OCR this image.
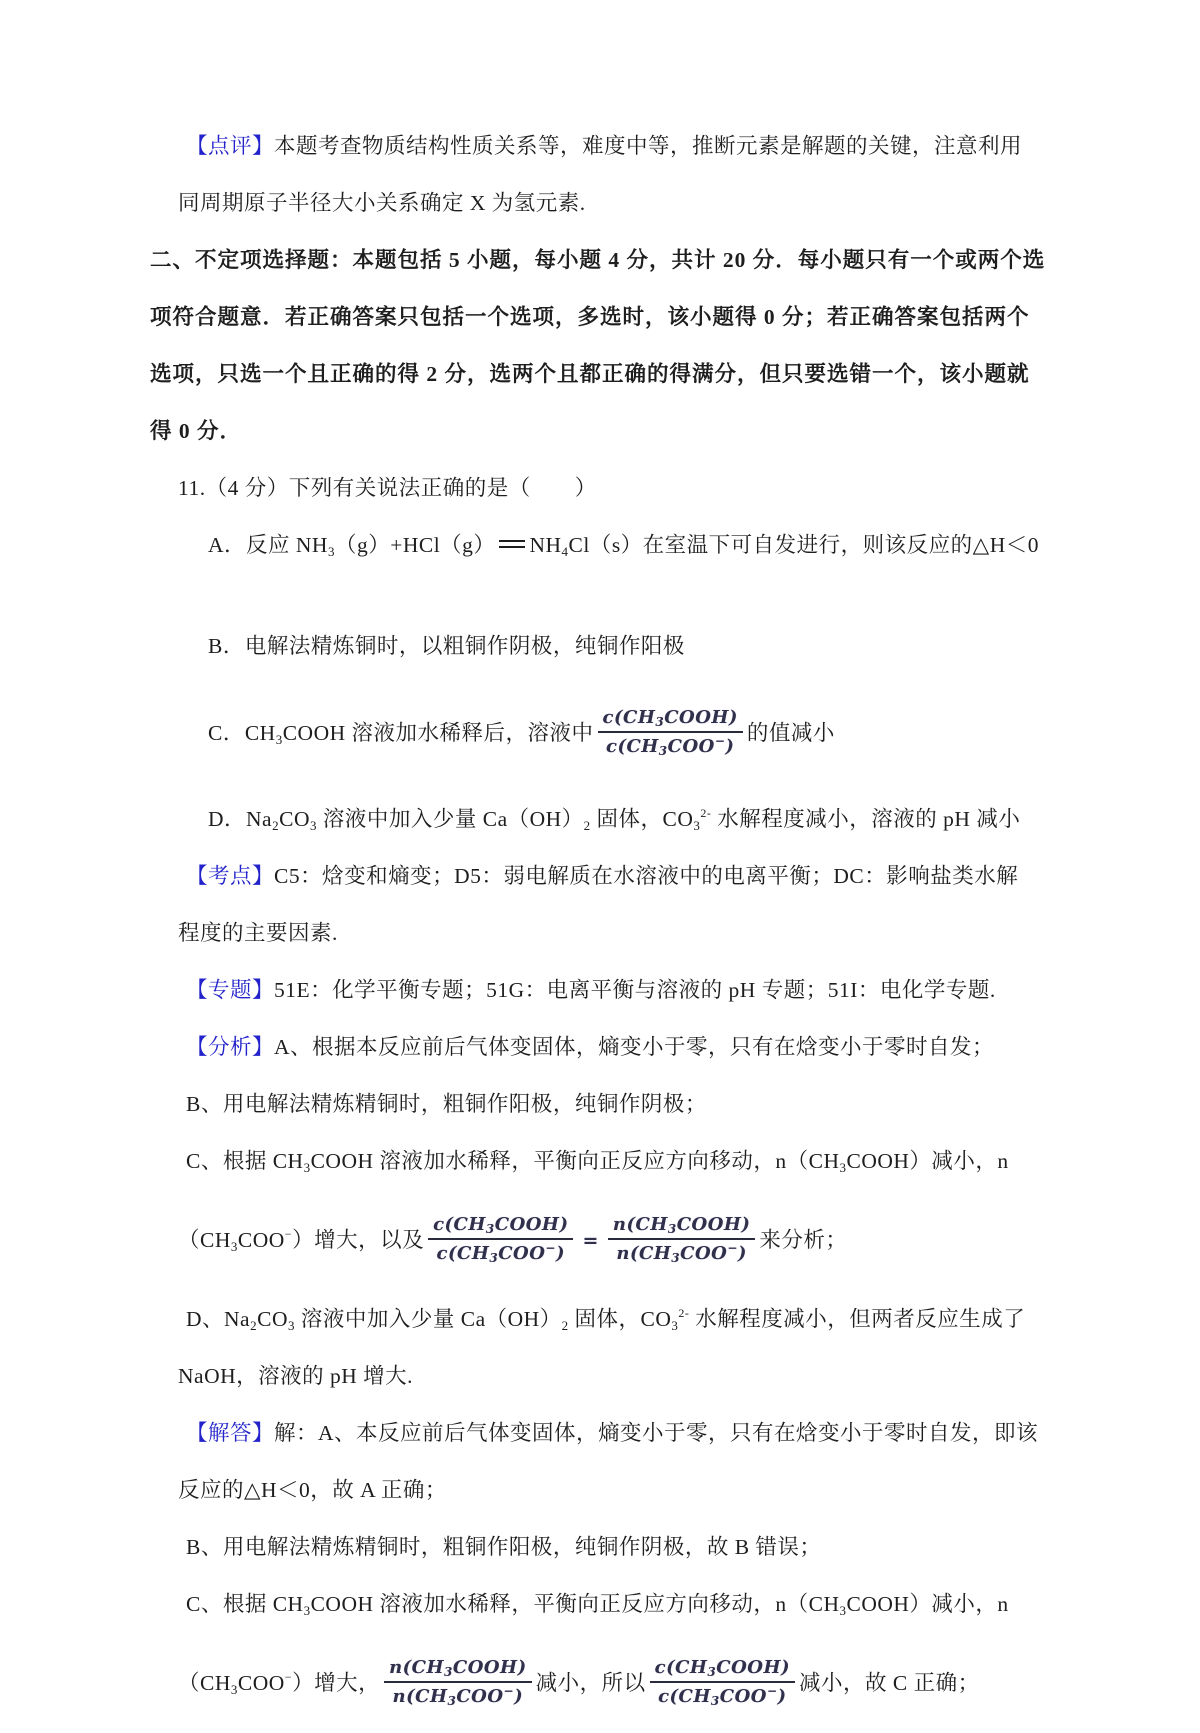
【点评】本题考查物质结构性质关系等，难度中等，推断元素是解题的关键，注意利用
同周期原子半径大小关系确定 X 为氢元素.
二、不定项选择题：本题包括 5 小题，每小题 4 分，共计 20 分．每小题只有一个或两个选
项符合题意．若正确答案只包括一个选项，多选时，该小题得 0 分；若正确答案包括两个
选项，只选一个且正确的得 2 分，选两个且都正确的得满分，但只要选错一个，该小题就
得 0 分．
11.（4 分）下列有关说法正确的是（　　）
A．反应 $NH_3(g)+HCl(g)$ $NH_4Cl(s)$在室温下可自发进行，则该反应的△H＜0
B．电解法精炼铜时，以粗铜作阴极，纯铜作阳极
C．$CH_3COOH$ 溶液加水稀释后，溶液中 $\frac{c(CH_3COOH)}{c(CH_3COO^-)}$ 的值减小
D．$Na_2CO_3$ 溶液中加入少量 $Ca(OH)_2$ 固体，$CO_3^{2-}$ 水解程度减小，溶液的 pH 减小
【考点】C5：焓变和熵变；D5：弱电解质在水溶液中的电离平衡；DC：影响盐类水解
程度的主要因素.
【专题】51E：化学平衡专题；51G：电离平衡与溶液的 pH 专题；51I：电化学专题.
【分析】A、根据本反应前后气体变固体，熵变小于零，只有在焓变小于零时自发；
B、用电解法精炼精铜时，粗铜作阳极，纯铜作阴极；
C、根据 $CH_3COOH$ 溶液加水稀释，平衡向正反应方向移动，$n(CH_3COOH)$减小，n
$(CH_3COO^-)$增大，以及 $\frac{c(CH_3COOH)}{c(CH_3COO^-)} = \frac{n(CH_3COOH)}{n(CH_3COO^-)}$ 来分析；
D、$Na_2CO_3$ 溶液中加入少量 $Ca(OH)_2$ 固体，$CO_3^{2-}$ 水解程度减小，但两者反应生成了
NaOH，溶液的 pH 增大.
【解答】解：A、本反应前后气体变固体，熵变小于零，只有在焓变小于零时自发，即该
反应的△H＜0，故 A 正确；
B、用电解法精炼精铜时，粗铜作阳极，纯铜作阴极，故 B 错误；
C、根据 $CH_3COOH$ 溶液加水稀释，平衡向正反应方向移动，$n(CH_3COOH)$减小，n
$(CH_3COO^-)$增大， $\frac{n(CH_3COOH)}{n(CH_3COO^-)}$ 减小，所以 $\frac{c(CH_3COOH)}{c(CH_3COO^-)}$ 减小，故 C 正确；
